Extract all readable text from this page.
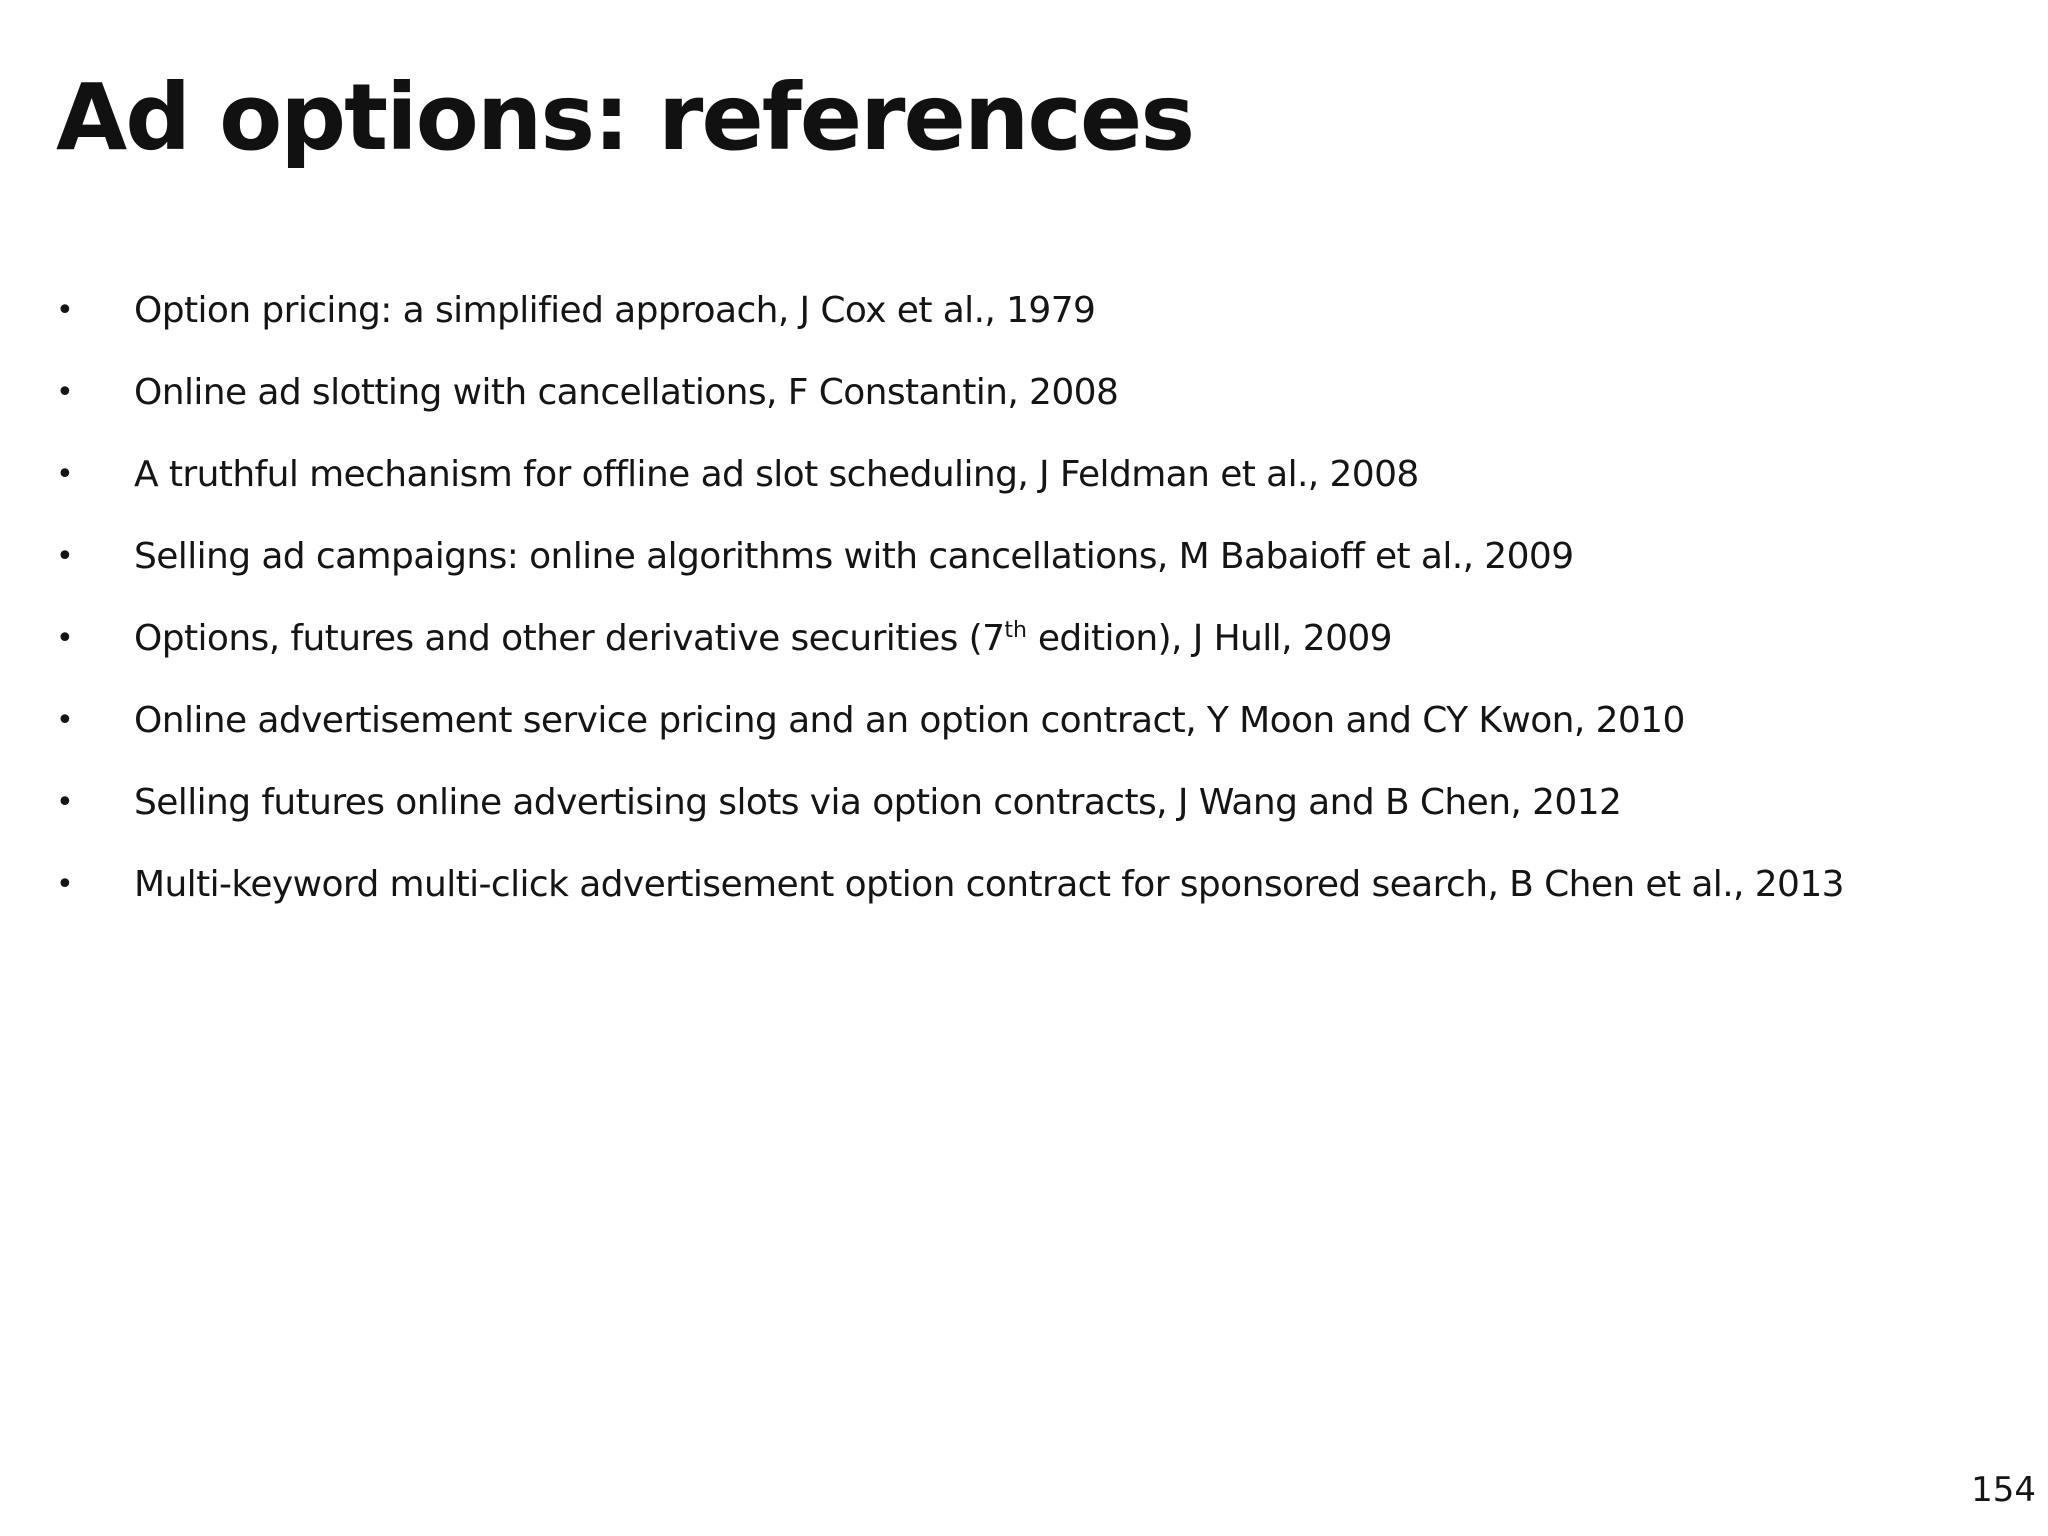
Ad options: references
•	Option pricing: a simplified approach, J Cox et al., 1979
•	Online ad slotting with cancellations, F Constantin, 2008
•	A truthful mechanism for offline ad slot scheduling, J Feldman et al., 2008
•	Selling ad campaigns: online algorithms with cancellations, M Babaioff et al., 2009
•	Options, futures and other derivative securities (7th edition), J Hull, 2009
•	Online advertisement service pricing and an option contract, Y Moon and CY Kwon, 2010
•	Selling futures online advertising slots via option contracts, J Wang and B Chen, 2012
•	Multi-keyword multi-click advertisement option contract for sponsored search, B Chen et al., 2013
154
